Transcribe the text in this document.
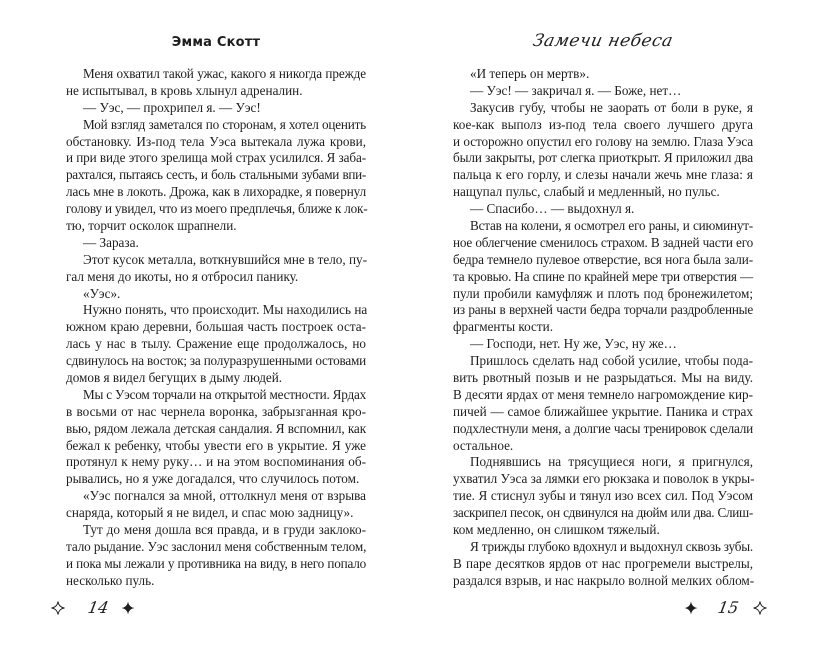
Эмма Скотт
Меня охватил такой ужас, какого я никогда прежде
не испытывал, в кровь хлынул адреналин.
— Уэс, — прохрипел я. — Уэс!
Мой взгляд заметался по сторонам, я хотел оценить
обстановку. Из-под тела Уэса вытекала лужа крови,
и при виде этого зрелища мой страх усилился. Я заба-
рахтался, пытаясь сесть, и боль стальными зубами впи-
лась мне в локоть. Дрожа, как в лихорадке, я повернул
голову и увидел, что из моего предплечья, ближе к лок-
тю, торчит осколок шрапнели.
— Зараза.
Этот кусок металла, воткнувшийся мне в тело, пу-
гал меня до икоты, но я отбросил панику.
«Уэс».
Нужно понять, что происходит. Мы находились на
южном краю деревни, большая часть построек оста-
лась у нас в тылу. Сражение еще продолжалось, но
сдвинулось на восток; за полуразрушенными остовами
домов я видел бегущих в дыму людей.
Мы с Уэсом торчали на открытой местности. Ярдах
в восьми от нас чернела воронка, забрызганная кро-
вью, рядом лежала детская сандалия. Я вспомнил, как
бежал к ребенку, чтобы увести его в укрытие. Я уже
протянул к нему руку… и на этом воспоминания об-
рывались, но я уже догадался, что случилось потом.
«Уэс погнался за мной, оттолкнул меня от взрыва
снаряда, который я не видел, и спас мою задницу».
Тут до меня дошла вся правда, и в груди заклоко-
тало рыдание. Уэс заслонил меня собственным телом,
и пока мы лежали у противника на виду, в него попало
несколько пуль.
14
Замечи небеса
«И теперь он мертв».
— Уэс! — закричал я. — Боже, нет…
Закусив губу, чтобы не заорать от боли в руке, я
кое-как выполз из-под тела своего лучшего друга
и осторожно опустил его голову на землю. Глаза Уэса
были закрыты, рот слегка приоткрыт. Я приложил два
пальца к его горлу, и слезы начали жечь мне глаза: я
нащупал пульс, слабый и медленный, но пульс.
— Спасибо… — выдохнул я.
Встав на колени, я осмотрел его раны, и сиюминут-
ное облегчение сменилось страхом. В задней части его
бедра темнело пулевое отверстие, вся нога была зали-
та кровью. На спине по крайней мере три отверстия —
пули пробили камуфляж и плоть под бронежилетом;
из раны в верхней части бедра торчали раздробленные
фрагменты кости.
— Господи, нет. Ну же, Уэс, ну же…
Пришлось сделать над собой усилие, чтобы пода-
вить рвотный позыв и не разрыдаться. Мы на виду.
В десяти ярдах от меня темнело нагромождение кир-
пичей — самое ближайшее укрытие. Паника и страх
подхлестнули меня, а долгие часы тренировок сделали
остальное.
Поднявшись на трясущиеся ноги, я пригнулся,
ухватил Уэса за лямки его рюкзака и поволок в укры-
тие. Я стиснул зубы и тянул изо всех сил. Под Уэсом
заскрипел песок, он сдвинулся на дюйм или два. Слиш-
ком медленно, он слишком тяжелый.
Я трижды глубоко вдохнул и выдохнул сквозь зубы.
В паре десятков ярдов от нас прогремели выстрелы,
раздался взрыв, и нас накрыло волной мелких облом-
15
